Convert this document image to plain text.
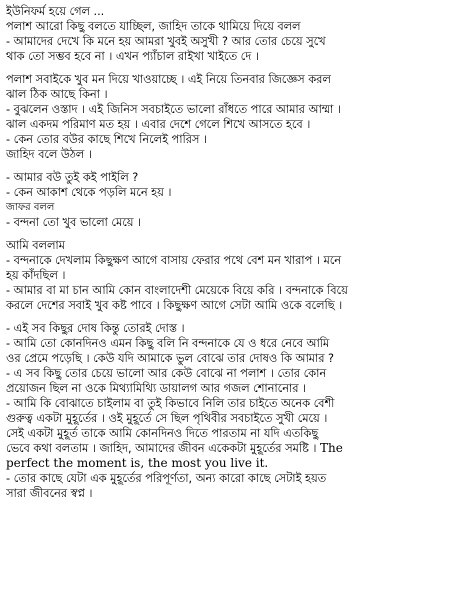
ইউনিফর্ম হয়ে গেল ...
পলাশ আরো কিছু বলতে যাচ্ছিল, জাহিদ তাকে থামিয়ে দিয়ে বলল
- আমাদের দেখে কি মনে হয় আমরা খুবই অসুখী ? আর তোর চেয়ে সুখে
থাক তো সম্ভব হবে না । এখন প্যাঁচাল রাইখা খাইতে দে ।
পলাশ সবাইকে খুব মন দিয়ে খাওয়াচ্ছে । এই নিয়ে তিনবার জিজ্ঞেস করল
ঝাল ঠিক আছে কিনা ।
- বুঝলেন ওস্তাদ । এই জিনিস সবচাইতে ভালো রাঁধতে পারে আমার আম্মা ।
ঝাল একদম পরিমাণ মত হয় । এবার দেশে গেলে শিখে আসতে হবে ।
- কেন তোর বউর কাছে শিখে নিলেই পারিস ।
জাহিদ বলে উঠল ।
- আমার বউ তুই কই পাইলি ?
- কেন আকাশ থেকে পড়লি মনে হয় ।
জাফর বলল
- বন্দনা তো খুব ভালো মেয়ে ।
আমি বললাম
- বন্দনাকে দেখলাম কিছুক্ষণ আগে বাসায় ফেরার পথে বেশ মন খারাপ । মনে
হয় কাঁদছিল ।
- আমার বা মা চান আমি কোন বাংলাদেশী মেয়েকে বিয়ে করি । বন্দনাকে বিয়ে
করলে দেশের সবাই খুব কষ্ট পাবে । কিছুক্ষণ আগে সেটা আমি ওকে বলেছি ।
- এই সব কিছুর দোষ কিন্তু তোরই দোস্ত ।
- আমি তো কোনদিনও এমন কিছু বলি নি বন্দনাকে যে ও ধরে নেবে আমি
ওর প্রেমে পড়েছি । কেউ যদি আমাকে ভুল বোঝে তার দোষও কি আমার ?
- এ সব কিছু তোর চেয়ে ভালো আর কেউ বোঝে না পলাশ । তোর কোন
প্রয়োজন ছিল না ওকে মিথ্যামিথ্যি ডায়ালগ আর গজল শোনানোর ।
- আমি কি বোঝাতে চাইলাম বা তুই কিভাবে নিলি তার চাইতে অনেক বেশী
গুরুত্ব একটা মুহূর্তের । ওই মুহূর্তে সে ছিল পৃথিবীর সবচাইতে সুখী মেয়ে ।
সেই একটা মুহূর্ত তাকে আমি কোনদিনও দিতে পারতাম না যদি এতকিছু
ভেবে কথা বলতাম । জাহিদ, আমাদের জীবন একেকটা মুহূর্তের সমষ্টি । The
perfect the moment is, the most you live it.
- তোর কাছে যেটা এক মুহূর্তের পরিপূর্ণতা, অন্য কারো কাছে সেটাই হয়ত
সারা জীবনের স্বপ্ন ।
